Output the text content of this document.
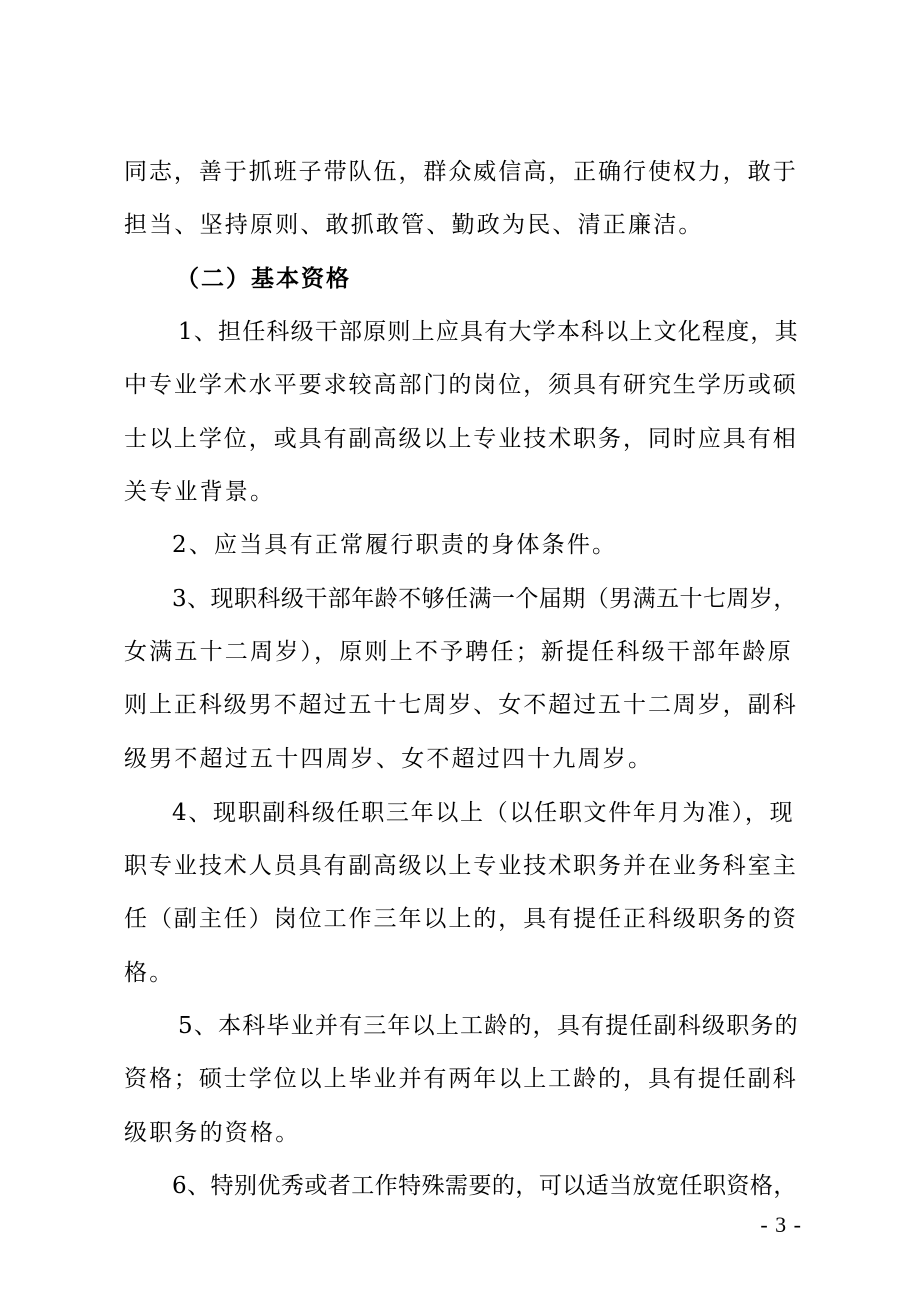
同志，善于抓班子带队伍，群众威信高，正确行使权力，敢于
担当、坚持原则、敢抓敢管、勤政为民、清正廉洁。
（二）基本资格
1、担任科级干部原则上应具有大学本科以上文化程度，其
中专业学术水平要求较高部门的岗位，须具有研究生学历或硕
士以上学位，或具有副高级以上专业技术职务，同时应具有相
关专业背景。
2、应当具有正常履行职责的身体条件。
3、现职科级干部年龄不够任满一个届期（男满五十七周岁，
女满五十二周岁），原则上不予聘任；新提任科级干部年龄原
则上正科级男不超过五十七周岁、女不超过五十二周岁，副科
级男不超过五十四周岁、女不超过四十九周岁。
4、现职副科级任职三年以上（以任职文件年月为准），现
职专业技术人员具有副高级以上专业技术职务并在业务科室主
任（副主任）岗位工作三年以上的，具有提任正科级职务的资
格。
5、本科毕业并有三年以上工龄的，具有提任副科级职务的
资格；硕士学位以上毕业并有两年以上工龄的，具有提任副科
级职务的资格。
6、特别优秀或者工作特殊需要的，可以适当放宽任职资格，
- 3 -
